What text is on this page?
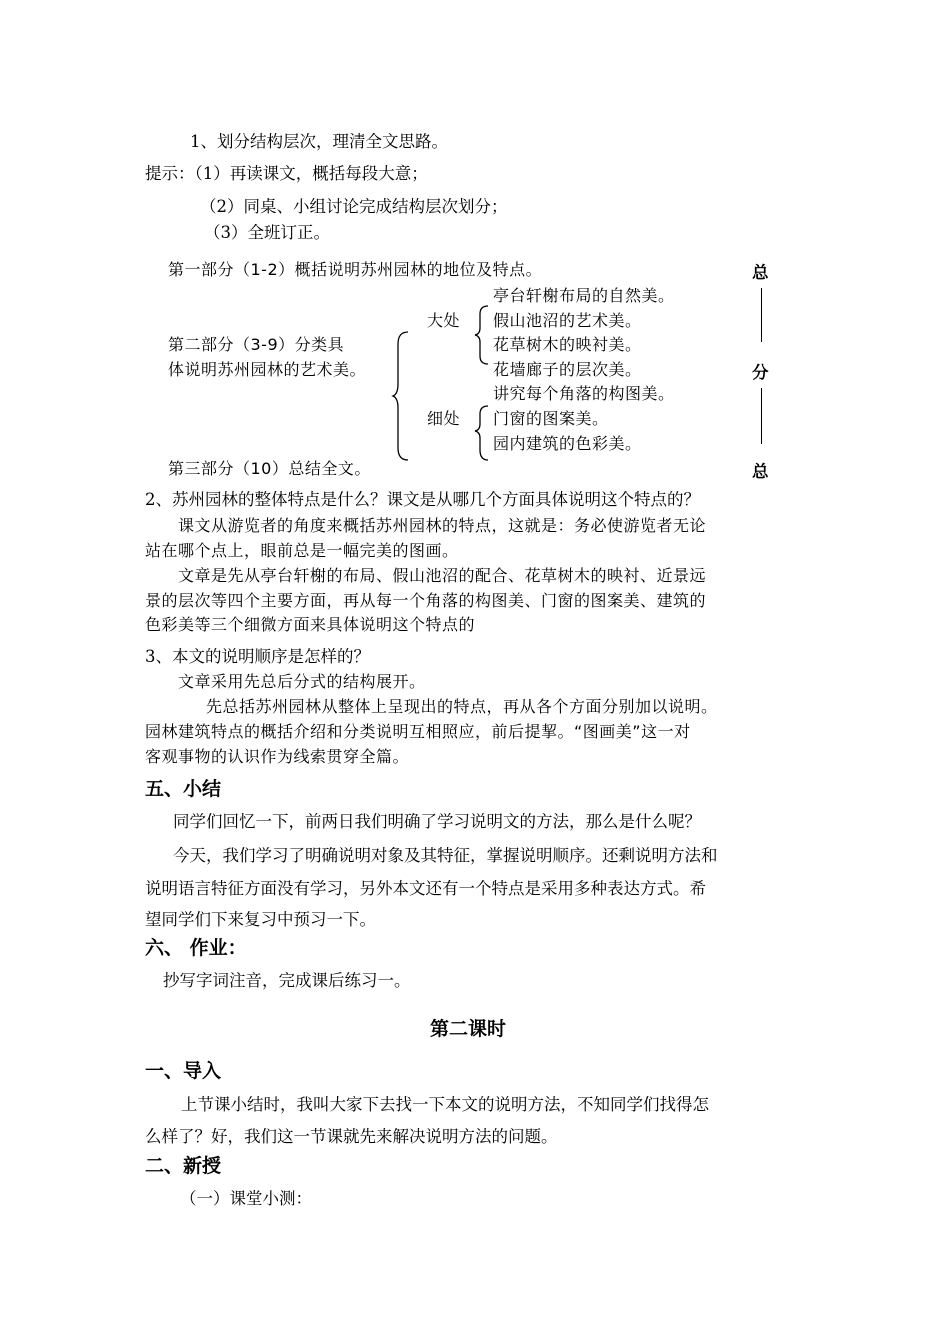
1、划分结构层次，理清全文思路。
提示：（1）再读课文，概括每段大意；
（2）同桌、小组讨论完成结构层次划分；
（3）全班订正。
第一部分（1-2）概括说明苏州园林的地位及特点。
亭台轩榭布局的自然美。
大处 假山池沼的艺术美。
第二部分（3-9）分类具	花草树木的映衬美。
体说明苏州园林的艺术美。	花墙廊子的层次美。
讲究每个角落的构图美。
细处 门窗的图案美。
园内建筑的色彩美。
第三部分（10）总结全文。
总
分
总
2、苏州园林的整体特点是什么？课文是从哪几个方面具体说明这个特点的？
课文从游览者的角度来概括苏州园林的特点，这就是：务必使游览者无论
站在哪个点上，眼前总是一幅完美的图画。
文章是先从亭台轩榭的布局、假山池沼的配合、花草树木的映衬、近景远
景的层次等四个主要方面，再从每一个角落的构图美、门窗的图案美、建筑的
色彩美等三个细微方面来具体说明这个特点的
3、本文的说明顺序是怎样的？
文章采用先总后分式的结构展开。
先总括苏州园林从整体上呈现出的特点，再从各个方面分别加以说明。
园林建筑特点的概括介绍和分类说明互相照应，前后提挈。“图画美”这一对
客观事物的认识作为线索贯穿全篇。
五、小结
同学们回忆一下，前两日我们明确了学习说明文的方法，那么是什么呢？
今天，我们学习了明确说明对象及其特征，掌握说明顺序。还剩说明方法和
说明语言特征方面没有学习，另外本文还有一个特点是采用多种表达方式。希
望同学们下来复习中预习一下。
六、 作业：
抄写字词注音，完成课后练习一。
第二课时
一、导入
上节课小结时，我叫大家下去找一下本文的说明方法，不知同学们找得怎
么样了？好，我们这一节课就先来解决说明方法的问题。
二、新授
（一）课堂小测：
